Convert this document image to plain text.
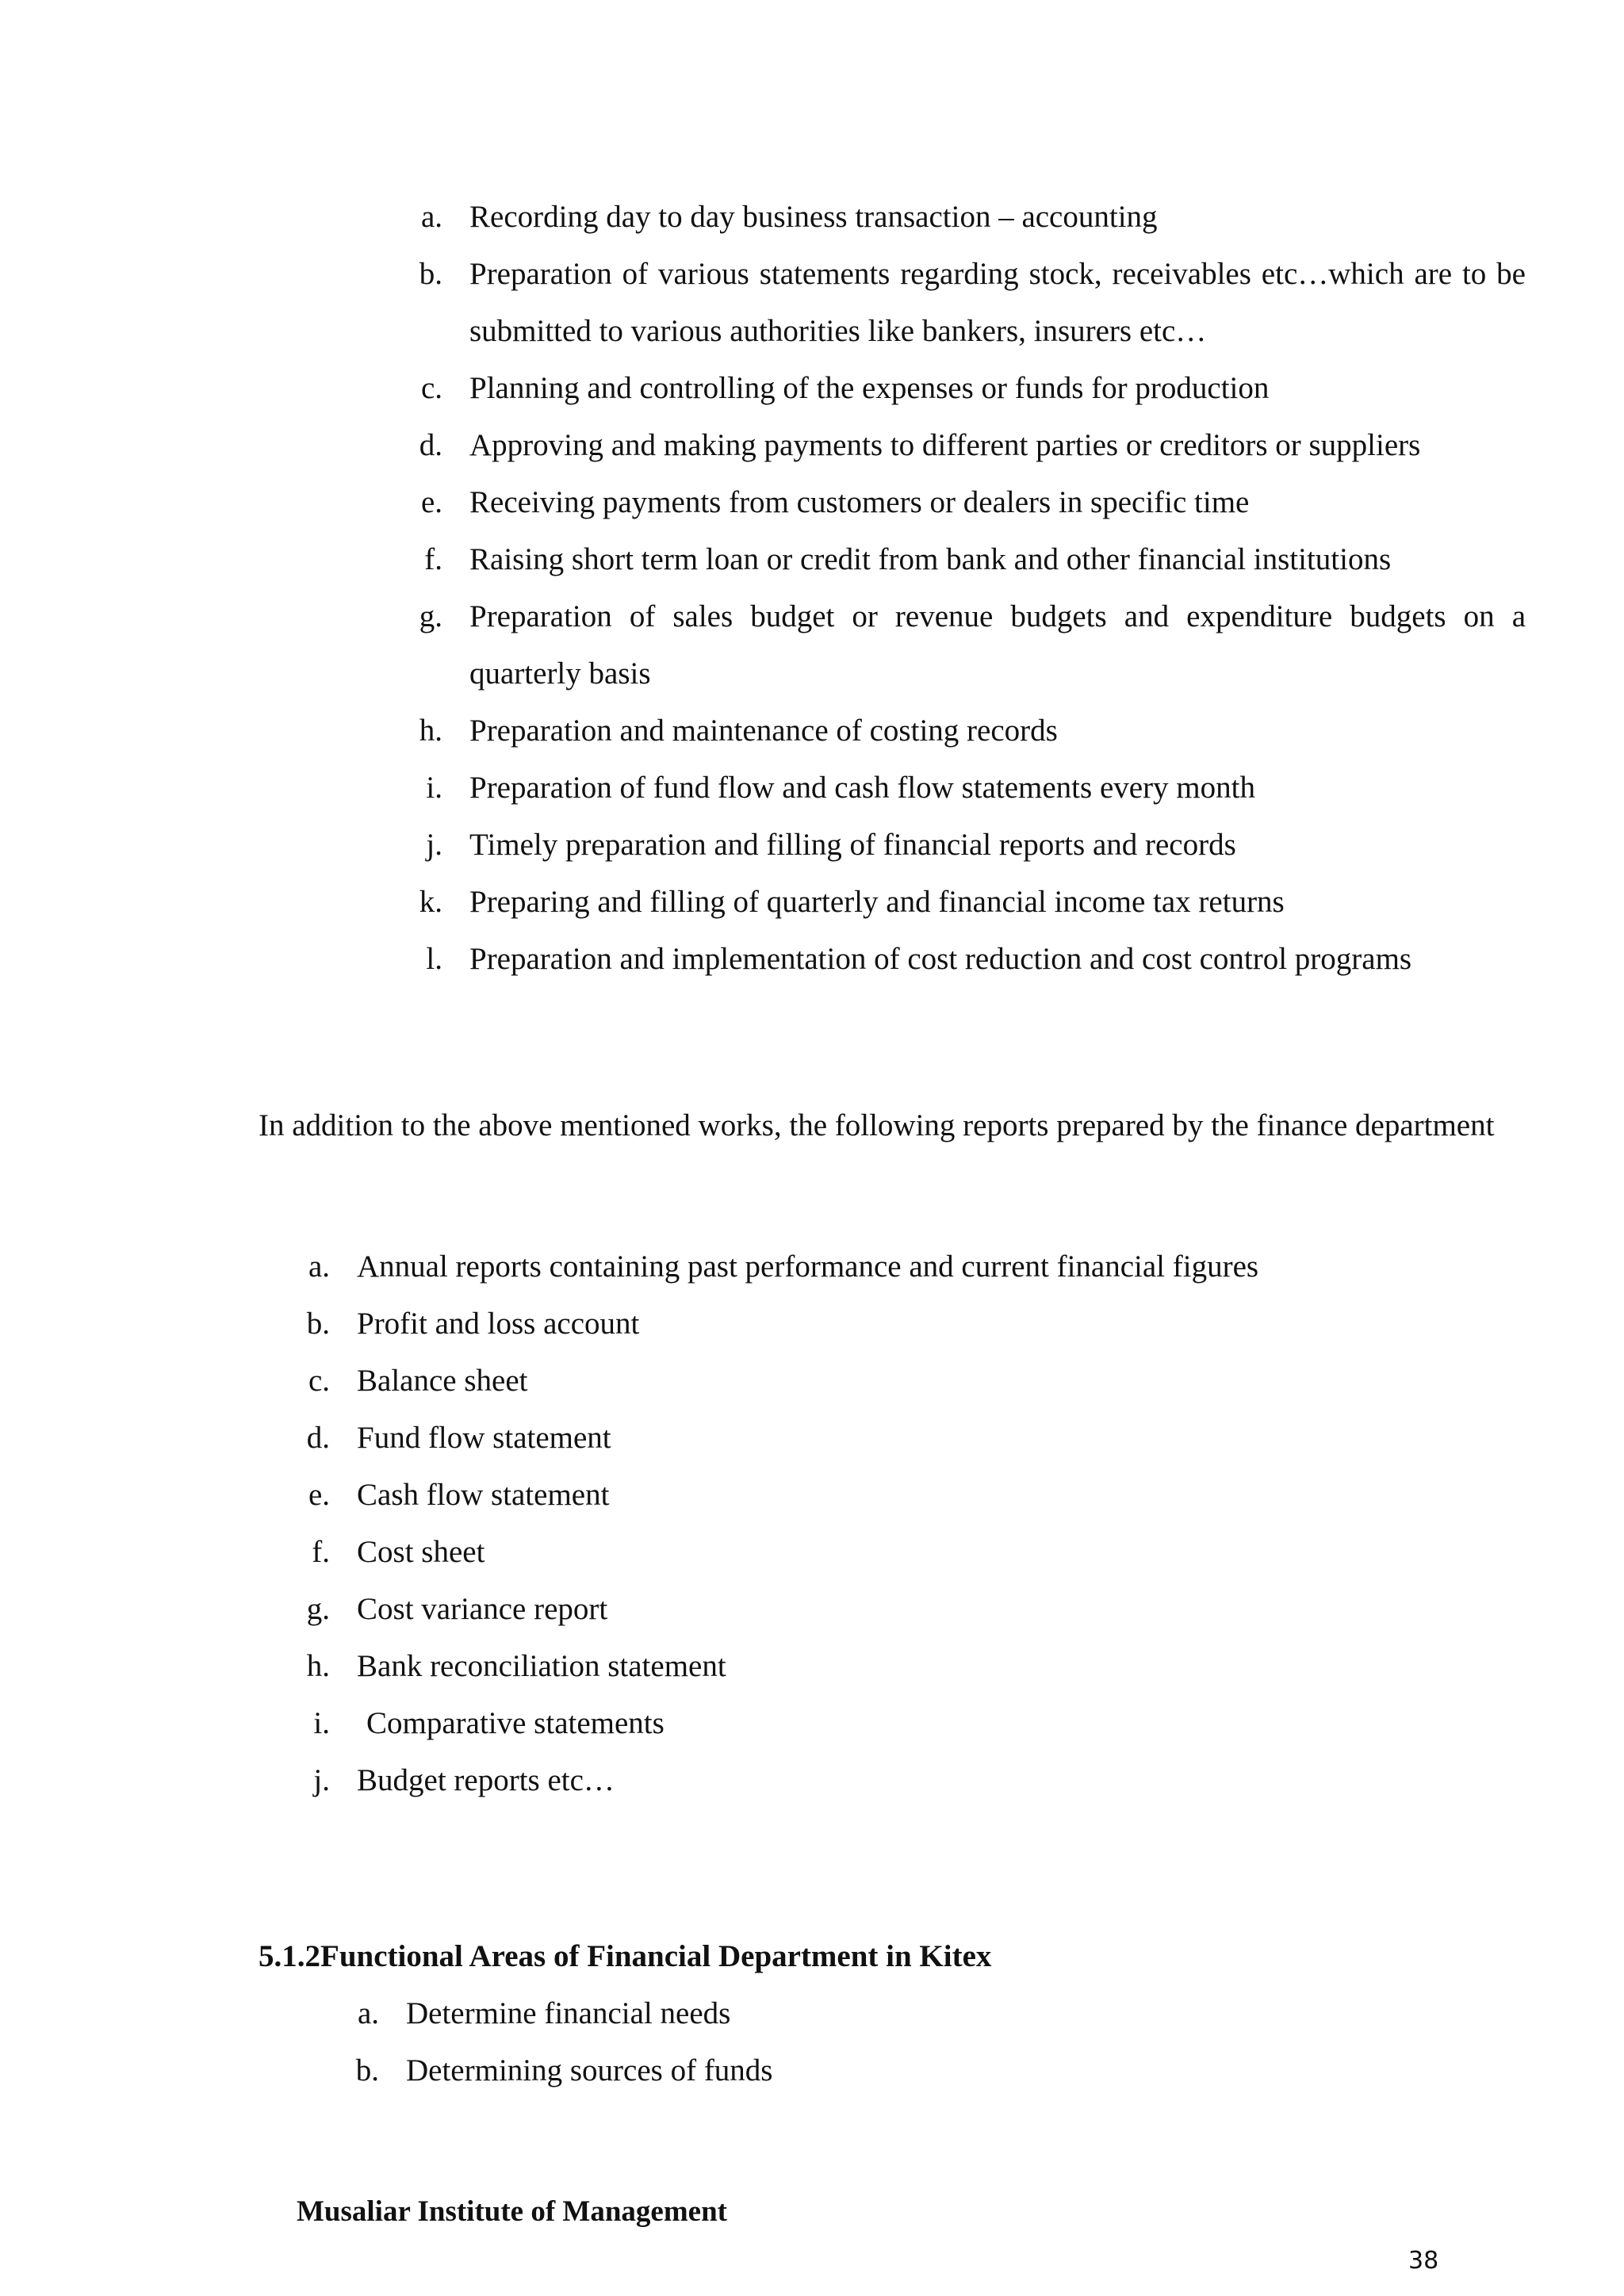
a. Recording day to day business transaction – accounting
b. Preparation of various statements regarding stock, receivables etc…which are to be submitted to various authorities like bankers, insurers etc…
c. Planning and controlling of the expenses or funds for production
d. Approving and making payments to different parties or creditors or suppliers
e. Receiving payments from customers or dealers in specific time
f. Raising short term loan or credit from bank and other financial institutions
g. Preparation of sales budget or revenue budgets and expenditure budgets on a quarterly basis
h. Preparation and maintenance of costing records
i. Preparation of fund flow and cash flow statements every month
j. Timely preparation and filling of financial reports and records
k. Preparing and filling of quarterly and financial income tax returns
l. Preparation and implementation of cost reduction and cost control programs

In addition to the above mentioned works, the following reports prepared by the finance department

a. Annual reports containing past performance and current financial figures
b. Profit and loss account
c. Balance sheet
d. Fund flow statement
e. Cash flow statement
f. Cost sheet
g. Cost variance report
h. Bank reconciliation statement
i. Comparative statements
j. Budget reports etc…
5.1.2Functional Areas of Financial Department in Kitex
a. Determine financial needs
b. Determining sources of funds
Musaliar Institute of Management
38
